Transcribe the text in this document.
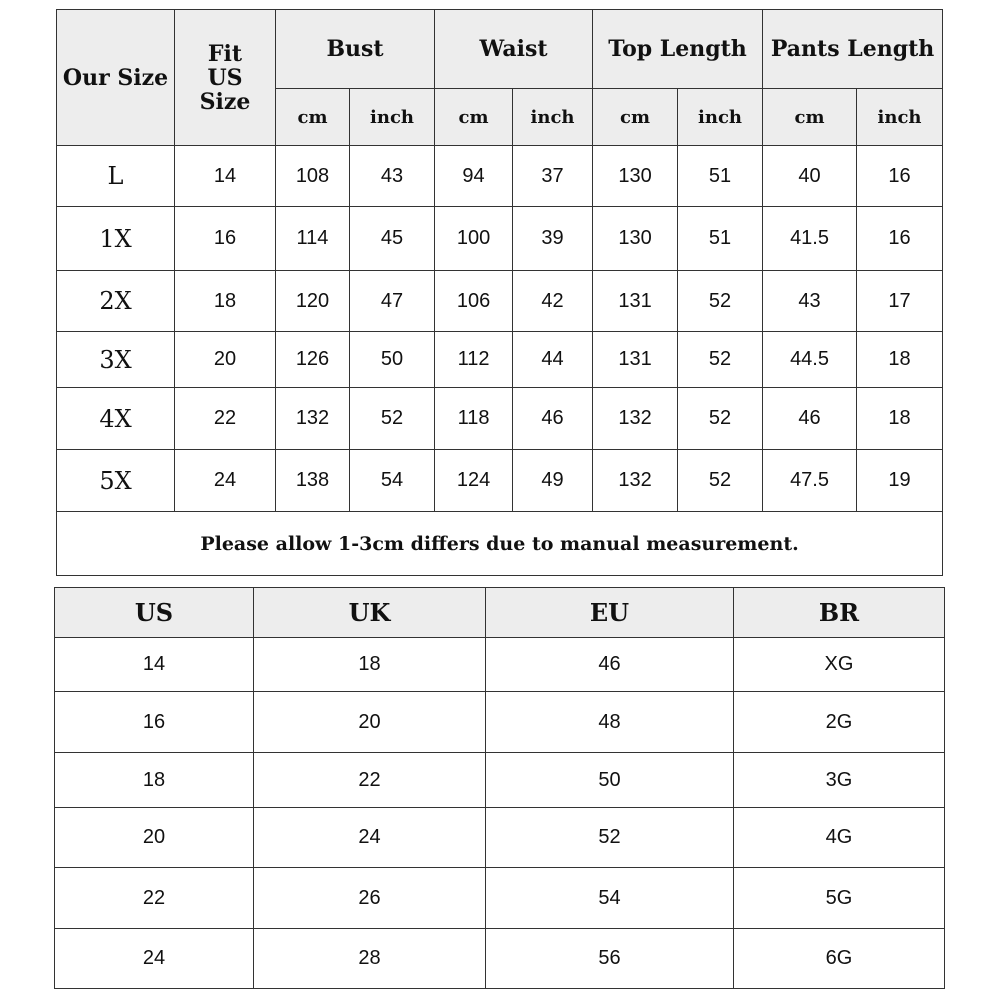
Our Size	Fit US Size	Bust		Waist		Top Length		Pants Length	
		cm	inch	cm	inch	cm	inch	cm	inch
L	14	108	43	94	37	130	51	40	16
1X	16	114	45	100	39	130	51	41.5	16
2X	18	120	47	106	42	131	52	43	17
3X	20	126	50	112	44	131	52	44.5	18
4X	22	132	52	118	46	132	52	46	18
5X	24	138	54	124	49	132	52	47.5	19
Please allow 1-3cm differs due to manual measurement.									
US	UK	EU	BR
14	18	46	XG
16	20	48	2G
18	22	50	3G
20	24	52	4G
22	26	54	5G
24	28	56	6G
